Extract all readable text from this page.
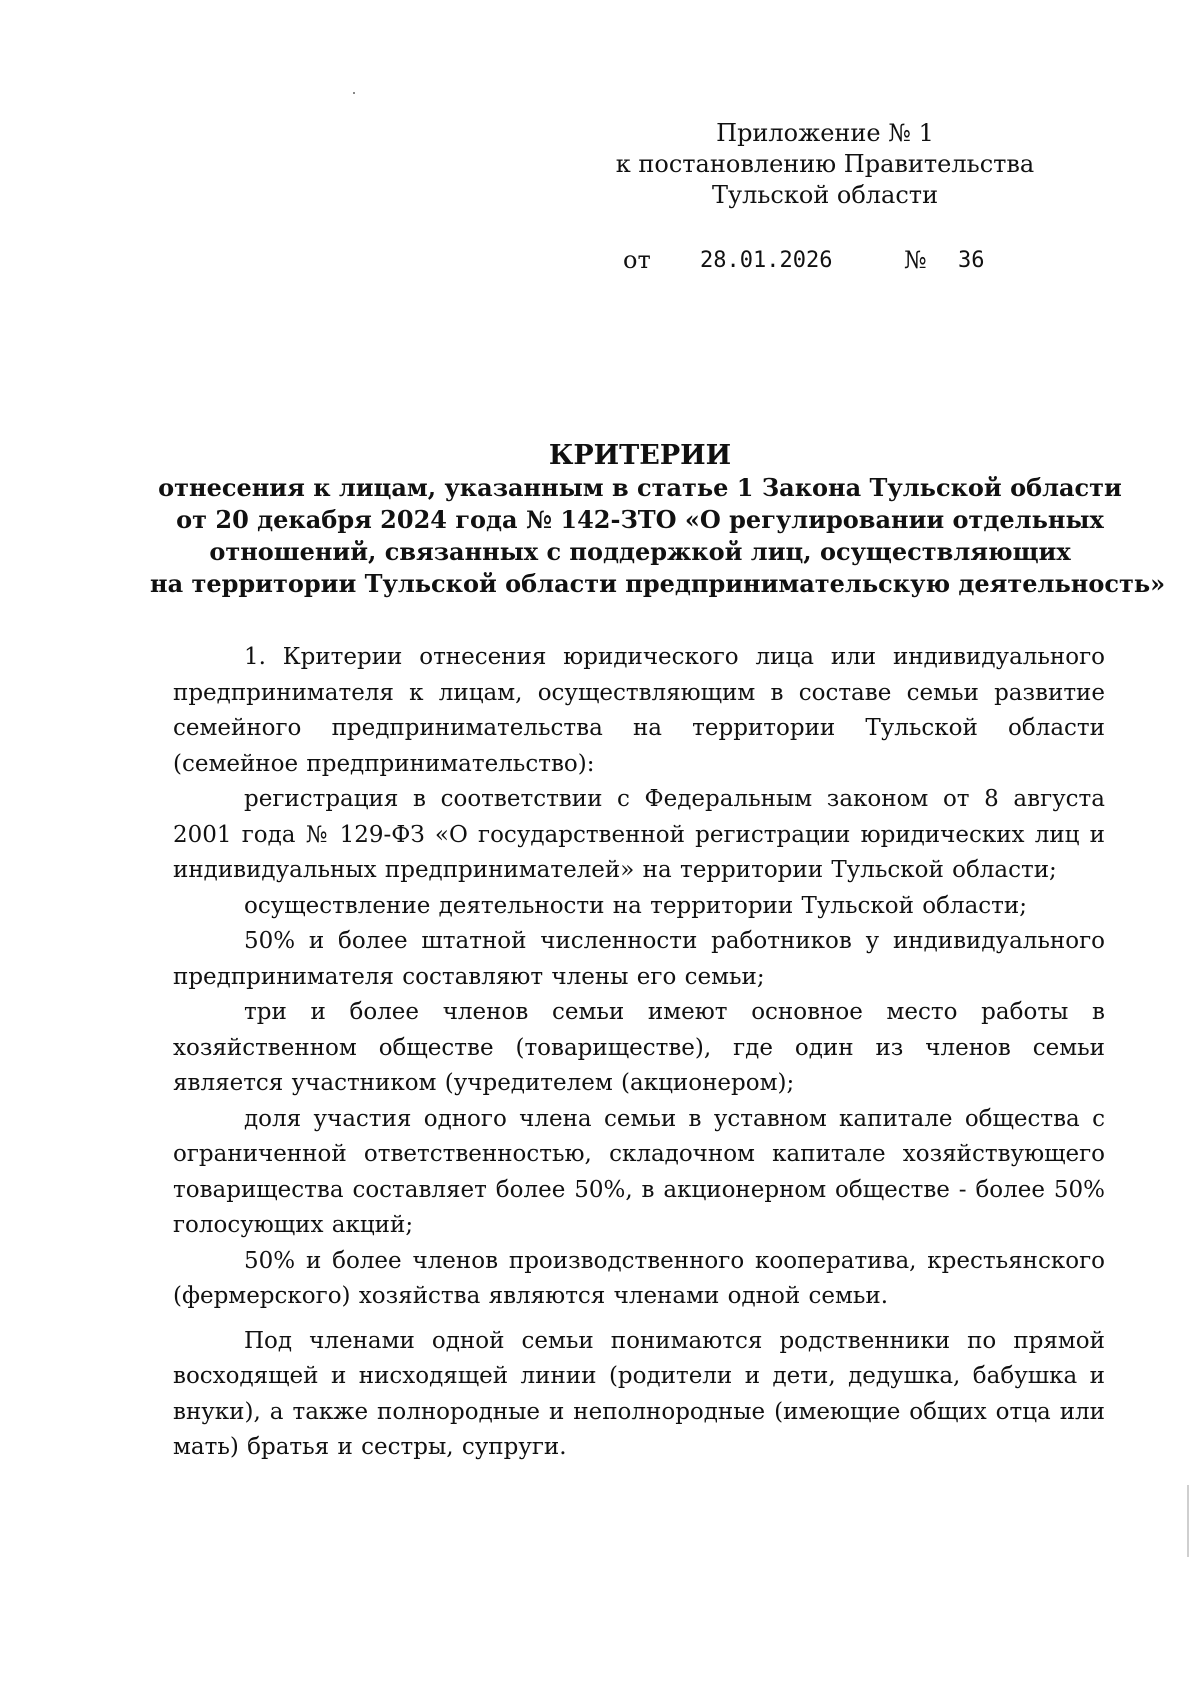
Приложение № 1
к постановлению Правительства
Тульской области
от 28.01.2026	№ 36
КРИТЕРИИ
отнесения к лицам, указанным в статье 1 Закона Тульской области
от 20 декабря 2024 года № 142-ЗТО «О регулировании отдельных
отношений, связанных с поддержкой лиц, осуществляющих
на территории Тульской области предпринимательскую деятельность»

1. Критерии отнесения юридического лица или индивидуального предпринимателя к лицам, осуществляющим в составе семьи развитие семейного предпринимательства на территории Тульской области (семейное предпринимательство):

регистрация в соответствии с Федеральным законом от 8 августа 2001 года № 129-ФЗ «О государственной регистрации юридических лиц и индивидуальных предпринимателей» на территории Тульской области;

осуществление деятельности на территории Тульской области;

50% и более штатной численности работников у индивидуального предпринимателя составляют члены его семьи;

три и более членов семьи имеют основное место работы в хозяйственном обществе (товариществе), где один из членов семьи является участником (учредителем (акционером);

доля участия одного члена семьи в уставном капитале общества с ограниченной ответственностью, складочном капитале хозяйствующего товарищества составляет более 50%, в акционерном обществе - более 50% голосующих акций;

50% и более членов производственного кооператива, крестьянского (фермерского) хозяйства являются членами одной семьи.

Под членами одной семьи понимаются родственники по прямой восходящей и нисходящей линии (родители и дети, дедушка, бабушка и внуки), а также полнородные и неполнородные (имеющие общих отца или мать) братья и сестры, супруги.
